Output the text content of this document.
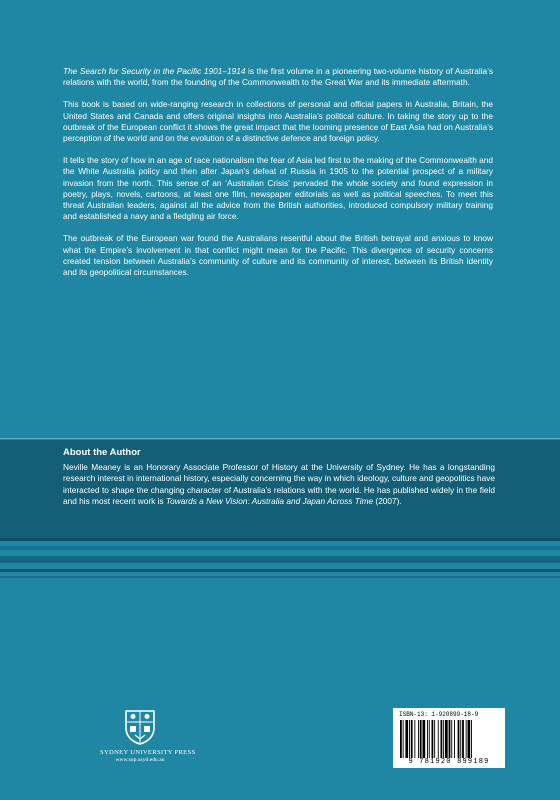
The Search for Security in the Pacific 1901–1914 is the first volume in a pioneering two-volume history of Australia’s relations with the world, from the founding of the Commonwealth to the Great War and its immediate aftermath.

This book is based on wide-ranging research in collections of personal and official papers in Australia, Britain, the United States and Canada and offers original insights into Australia’s political culture. In taking the story up to the outbreak of the European conflict it shows the great impact that the looming presence of East Asia had on Australia’s perception of the world and on the evolution of a distinctive defence and foreign policy.

It tells the story of how in an age of race nationalism the fear of Asia led first to the making of the Commonwealth and the White Australia policy and then after Japan’s defeat of Russia in 1905 to the potential prospect of a military invasion from the north. This sense of an ‘Australian Crisis’ pervaded the whole society and found expression in poetry, plays, novels, cartoons, at least one film, newspaper editorials as well as political speeches. To meet this threat Australian leaders, against all the advice from the British authorities, introduced compulsory military training and established a navy and a fledgling air force.

The outbreak of the European war found the Australians resentful about the British betrayal and anxious to know what the Empire’s involvement in that conflict might mean for the Pacific. This divergence of security concerns created tension between Australia’s community of culture and its community of interest, between its British identity and its geopolitical circumstances.

About the Author
Neville Meaney is an Honorary Associate Professor of History at the University of Sydney. He has a longstanding research interest in international history, especially concerning the way in which ideology, culture and geopolitics have interacted to shape the changing character of Australia’s relations with the world. He has published widely in the field and his most recent work is Towards a New Vision: Australia and Japan Across Time (2007).
SYDNEY UNIVERSITY PRESS
www.sup.usyd.edu.au
ISBN-13: 1-920899-18-9
9 781920 899189
